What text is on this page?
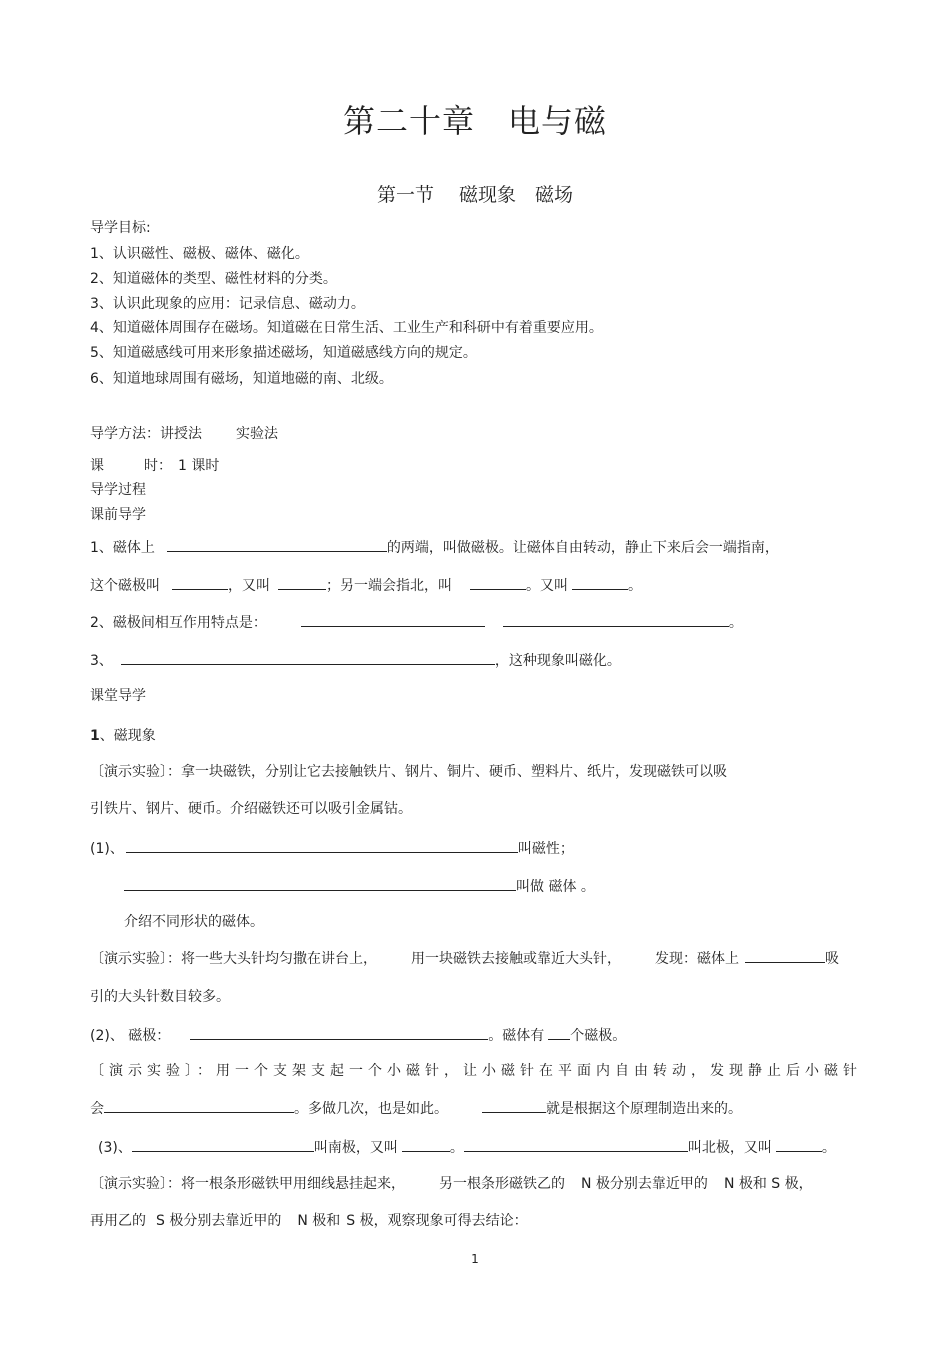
第二十章　电与磁
第一节　 磁现象　磁场
导学目标:
1、认识磁性、磁极、磁体、磁化。
2、知道磁体的类型、磁性材料的分类。
3、认识此现象的应用：记录信息、磁动力。
4、知道磁体周围存在磁场。知道磁在日常生活、工业生产和科研中有着重要应用。
5、知道磁感线可用来形象描述磁场，知道磁感线方向的规定。
6、知道地球周围有磁场，知道地磁的南、北级。
导学方法：讲授法 实验法
课	时： 1 课时
导学过程
课前导学
1、磁体上	的两端，叫做磁极。让磁体自由转动，静止下来后会一端指南，
这个磁极叫	，又叫	；另一端会指北，叫	。又叫	。
2、磁极间相互作用特点是：	。
3、	，这种现象叫磁化。
课堂导学
1、磁现象
〔演示实验〕：拿一块磁铁，分别让它去接触铁片、钢片、铜片、硬币、塑料片、纸片，发现磁铁可以吸
引铁片、钢片、硬币。介绍磁铁还可以吸引金属钴。
(1)、	叫磁性；
叫做 磁体 。
介绍不同形状的磁体。
〔演示实验〕：将一些大头针均匀撒在讲台上， 用一块磁铁去接触或靠近大头针， 发现：磁体上	吸
引的大头针数目较多。
(2)、 磁极：	。磁体有 个磁极。
〔演示实验〕：用一个支架支起一个小磁针，让小磁针在平面内自由转动，发现静止后小磁针
会	。多做几次，也是如此。	就是根据这个原理制造出来的。
(3)、	叫南极，又叫	。	叫北极，又叫	。
〔演示实验〕：将一根条形磁铁甲用细线悬挂起来， 另一根条形磁铁乙的 N 极分别去靠近甲的 N 极和 S 极，
再用乙的 S 极分别去靠近甲的 N 极和 S 极，观察现象可得去结论：
1
